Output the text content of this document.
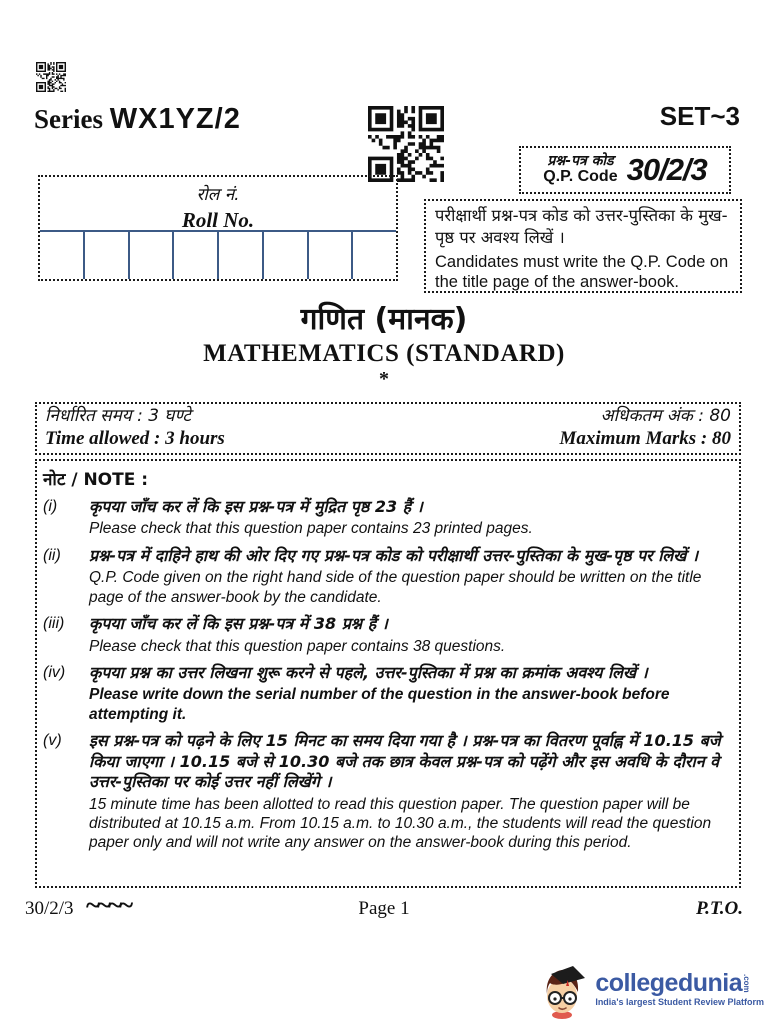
Series WX1YZ/2	SET~3
प्रश्न-पत्र कोड
Q.P. Code 30/2/3
रोल नं.
Roll No.	परीक्षार्थी प्रश्न-पत्र कोड को उत्तर-पुस्तिका के मुख-पृष्ठ पर अवश्य लिखें ।
Candidates must write the Q.P. Code on the title page of the answer-book.
गणित (मानक)
MATHEMATICS (STANDARD)
*
निर्धारित समय : 3 घण्टे	अधिकतम अंक : 80
Time allowed : 3 hours	Maximum Marks : 80
नोट / NOTE :
(i)	कृपया जाँच कर लें कि इस प्रश्न-पत्र में मुद्रित पृष्ठ 23 हैं ।
Please check that this question paper contains 23 printed pages.
(ii)	प्रश्न-पत्र में दाहिने हाथ की ओर दिए गए प्रश्न-पत्र कोड को परीक्षार्थी उत्तर-पुस्तिका के मुख-पृष्ठ पर लिखें ।
Q.P. Code given on the right hand side of the question paper should be written on the title page of the answer-book by the candidate.
(iii)	कृपया जाँच कर लें कि इस प्रश्न-पत्र में 38 प्रश्न हैं ।
Please check that this question paper contains 38 questions.
(iv)	कृपया प्रश्न का उत्तर लिखना शुरू करने से पहले, उत्तर-पुस्तिका में प्रश्न का क्रमांक अवश्य लिखें ।
Please write down the serial number of the question in the answer-book before attempting it.
(v)	इस प्रश्न-पत्र को पढ़ने के लिए 15 मिनट का समय दिया गया है । प्रश्न-पत्र का वितरण पूर्वाह्न में 10.15 बजे किया जाएगा । 10.15 बजे से 10.30 बजे तक छात्र केवल प्रश्न-पत्र को पढ़ेंगे और इस अवधि के दौरान वे उत्तर-पुस्तिका पर कोई उत्तर नहीं लिखेंगे ।
15 minute time has been allotted to read this question paper. The question paper will be distributed at 10.15 a.m. From 10.15 a.m. to 10.30 a.m., the students will read the question paper only and will not write any answer on the answer-book during this period.
30/2/3 ~~~~	Page 1	P.T.O.
collegedunia .com
India's largest Student Review Platform
